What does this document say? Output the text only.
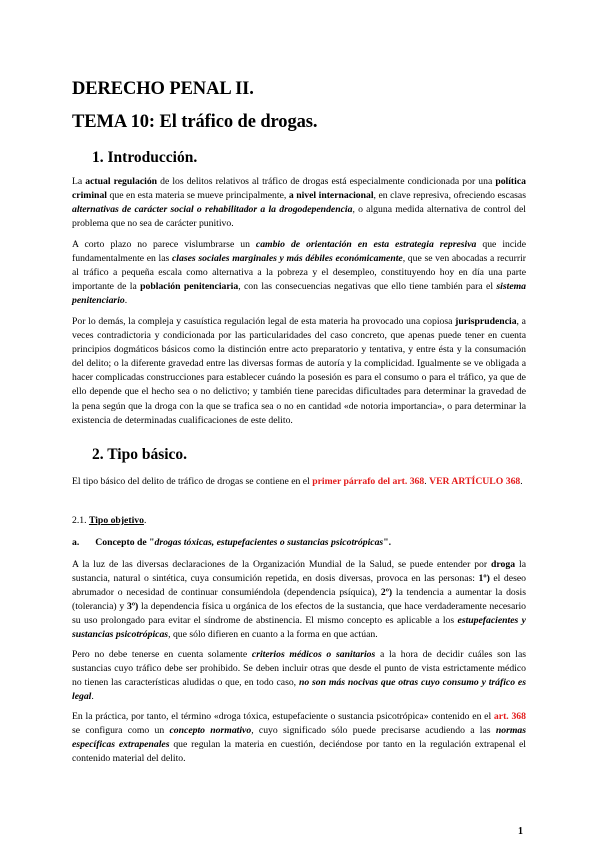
DERECHO PENAL II.
TEMA 10: El tráfico de drogas.
1. Introducción.

La actual regulación de los delitos relativos al tráfico de drogas está especialmente condicionada por una política criminal que en esta materia se mueve principalmente, a nivel internacional, en clave represiva, ofreciendo escasas alternativas de carácter social o rehabilitador a la drogodependencia, o alguna medida alternativa de control del problema que no sea de carácter punitivo.

A corto plazo no parece vislumbrarse un cambio de orientación en esta estrategia represiva que incide fundamentalmente en las clases sociales marginales y más débiles económicamente, que se ven abocadas a recurrir al tráfico a pequeña escala como alternativa a la pobreza y el desempleo, constituyendo hoy en día una parte importante de la población penitenciaria, con las consecuencias negativas que ello tiene también para el sistema penitenciario.

Por lo demás, la compleja y casuística regulación legal de esta materia ha provocado una copiosa jurisprudencia, a veces contradictoria y condicionada por las particularidades del caso concreto, que apenas puede tener en cuenta principios dogmáticos básicos como la distinción entre acto preparatorio y tentativa, y entre ésta y la consumación del delito; o la diferente gravedad entre las diversas formas de autoría y la complicidad. Igualmente se ve obligada a hacer complicadas construcciones para establecer cuándo la posesión es para el consumo o para el tráfico, ya que de ello depende que el hecho sea o no delictivo; y también tiene parecidas dificultades para determinar la gravedad de la pena según que la droga con la que se trafica sea o no en cantidad «de notoria importancia», o para determinar la existencia de determinadas cualificaciones de este delito.

2. Tipo básico.

El tipo básico del delito de tráfico de drogas se contiene en el primer párrafo del art. 368. VER ARTÍCULO 368.

2.1. Tipo objetivo.

a. Concepto de "drogas tóxicas, estupefacientes o sustancias psicotrópicas".

A la luz de las diversas declaraciones de la Organización Mundial de la Salud, se puede entender por droga la sustancia, natural o sintética, cuya consumición repetida, en dosis diversas, provoca en las personas: 1º) el deseo abrumador o necesidad de continuar consumiéndola (dependencia psíquica), 2º) la tendencia a aumentar la dosis (tolerancia) y 3º) la dependencia física u orgánica de los efectos de la sustancia, que hace verdaderamente necesario su uso prolongado para evitar el síndrome de abstinencia. El mismo concepto es aplicable a los estupefacientes y sustancias psicotrópicas, que sólo difieren en cuanto a la forma en que actúan.

Pero no debe tenerse en cuenta solamente criterios médicos o sanitarios a la hora de decidir cuáles son las sustancias cuyo tráfico debe ser prohibido. Se deben incluir otras que desde el punto de vista estrictamente médico no tienen las características aludidas o que, en todo caso, no son más nocivas que otras cuyo consumo y tráfico es legal.

En la práctica, por tanto, el término «droga tóxica, estupefaciente o sustancia psicotrópica» contenido en el art. 368 se configura como un concepto normativo, cuyo significado sólo puede precisarse acudiendo a las normas específicas extrapenales que regulan la materia en cuestión, deciéndose por tanto en la regulación extrapenal el contenido material del delito.

1
